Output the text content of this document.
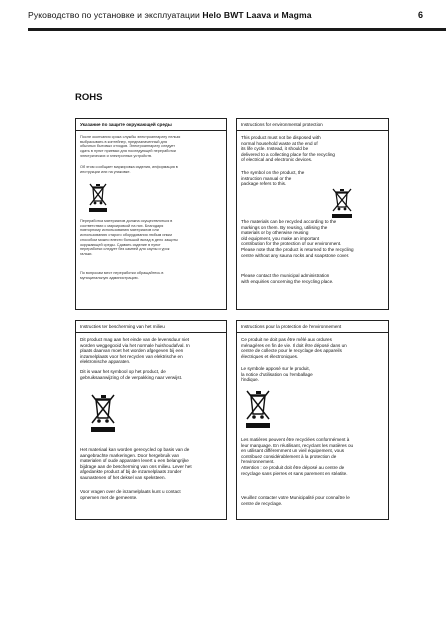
Руководство по установке и эксплуатации Helo BWT Laava и Magma	6
ROHS
Указание по защите окружающей среды
После окончания срока службы электроаппарату нельзя
выбрасывать в контейнер, предназначенный для
обычных бытовых отходов. Электроаппарату следует
сдать в пункт приемки для последующей переработки
электрических и электронных устройств.
Об этом сообщает маркировка изделия, информация в
инструкции или на упаковке.
Переработка материалов должна осуществляться в
соответствии с маркировкой на них. Благодаря
повторному использованию материалов или
использованию старого оборудования любым иным
способом можно внести большой вклад в дело защиты
окружающей среды. Сдавать изделие в пункт
переработки следует без камней для сауны и урок
гальки.
По вопросам мест переработки обращайтесь в
муниципальную администрацию.
Instructions for environmental protection
This product must not be disposed with
normal household waste at the end of
its life cycle. Instead, it should be
delivered to a collecting place for the recycling
of electrical and electronic devices.
The symbol on the product, the
instruction manual or the
package refers to this.
The materials can be recycled according to the
markings on them. By reusing, utilising the
materials or by otherwise reusing
old equipment, you make an important
contribution for the protection of our environment.
Please note that the product is returned to the recycling
centre without any sauna rocks and soapstone cover.
Please contact the municipal administration
with enquiries concerning the recycling place.
Instructies ter bescherming van het milieu
Dit product mag aan het einde van de levensduur niet
worden weggegooid via het normale huishoudafval. In
plaats daarvan moet het worden afgegeven bij een
inzamelplaats voor het recyclen van elektrische en
elektronische apparaten.
Dit is waar het symbool op het product, de
gebruiksaanwijzing of de verpakking naar verwijst.
Het materiaal kan worden gerecycled op basis van de
aangebrachte markeringen. Door hergebruik van
materialen of oude apparaten levert u een belangrijke
bijdrage aan de bescherming van ons milieu. Lever het
afgedankte product af bij de inzamelplaats zonder
saunastenen of het deksel van speksteen.
Voor vragen over de inzamelplaats kunt u contact
opnemen met de gemeente.
Instructions pour la protection de l'environnement
Ce produit ne doit pas être mêlé aux ordures
ménagères en fin de vie. Il doit être déposé dans un
centre de collecte pour le recyclage des appareils
électriques et électroniques.
Le symbole apposé sur le produit,
la notice d'utilisation ou l'emballage
l'indique.
Les matières peuvent être recyclées conformément à
leur marquage. En réutilisant, recyclant les matières ou
en utilisant différemment un vieil équipement, vous
contribuez considérablement à la protection de
l'environnement.
Attention : ce produit doit être déposé au centre de
recyclage sans pierres et sans parement en stéatite.
Veuillez contacter votre Municipalité pour connaître le
centre de recyclage.
